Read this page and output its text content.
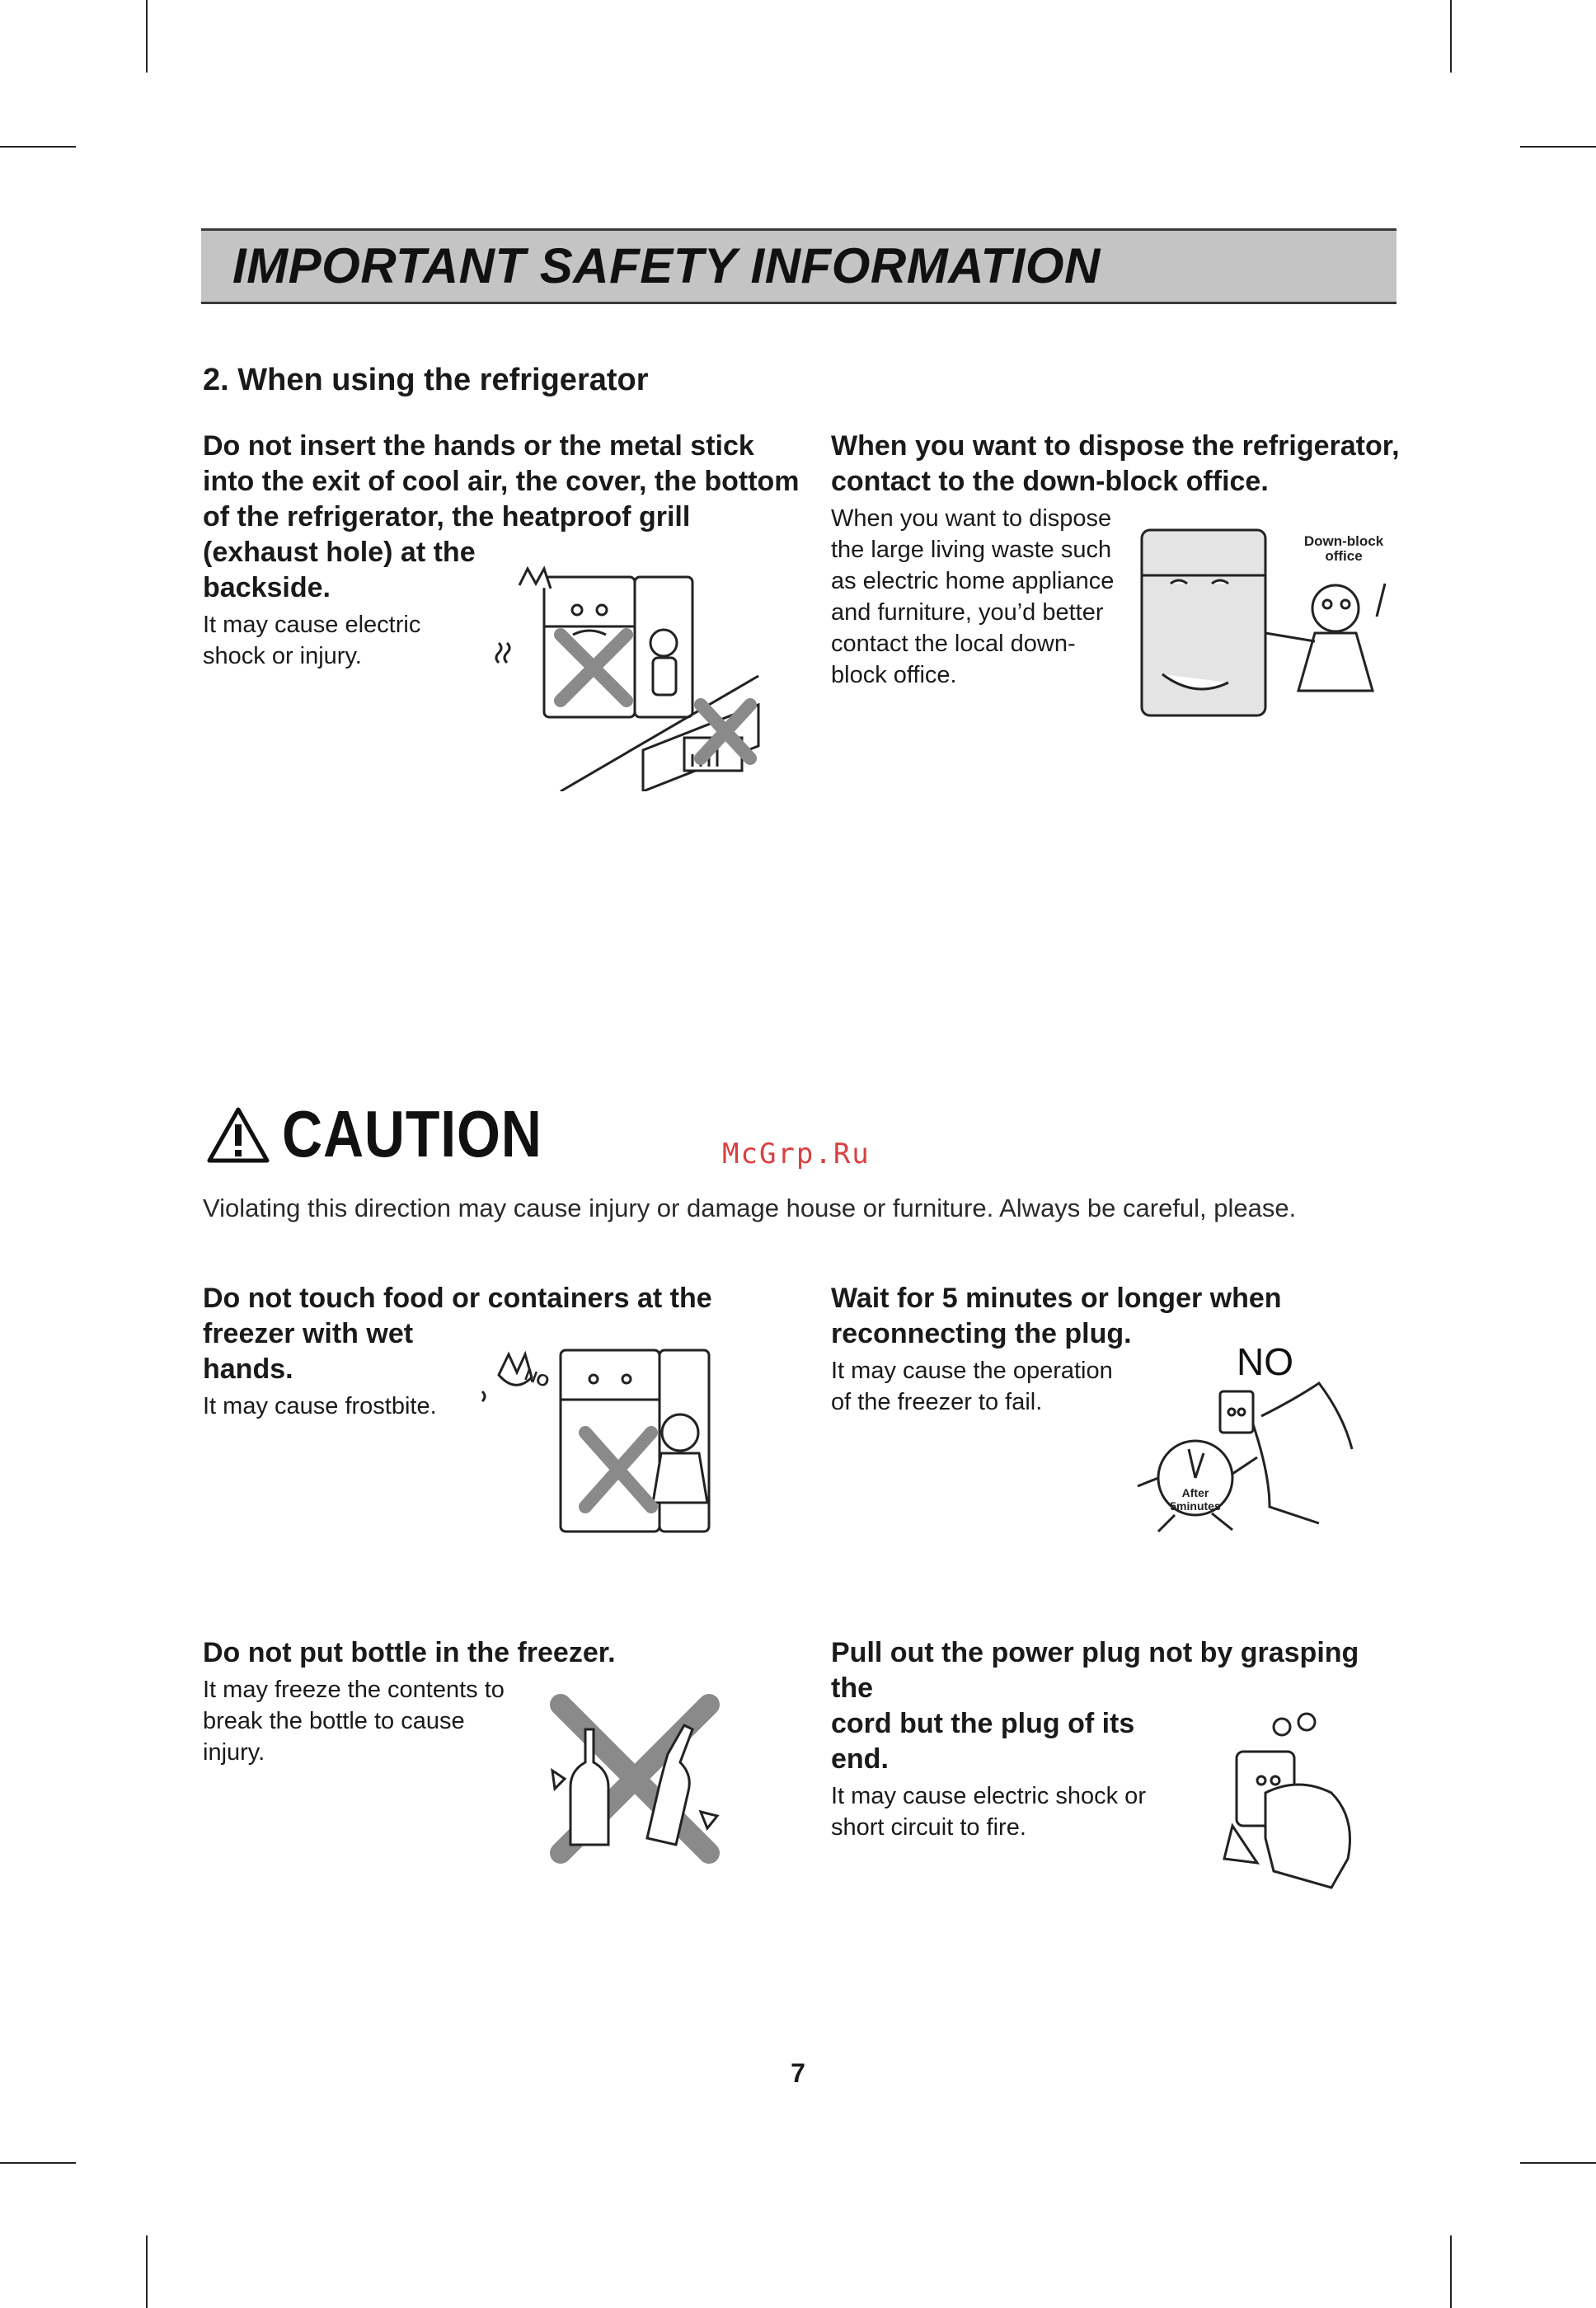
IMPORTANT SAFETY INFORMATION
2. When using the refrigerator
Do not insert the hands or the metal stick
into the exit of cool air, the cover, the bottom
of the refrigerator, the heatproof grill
(exhaust hole) at the
backside.

It may cause electric
shock or injury.

When you want to dispose the refrigerator,
contact to the down-block office.

When you want to dispose
the large living waste such
as electric home appliance
and furniture, you’d better
contact the local down-
block office.

Down-block
office
CAUTION	McGrp.Ru

Violating this direction may cause injury or damage house or furniture. Always be careful, please.

Do not touch food or containers at the
freezer with wet
hands.

It may cause frostbite.

NO
Wait for 5 minutes or longer when
reconnecting the plug.

It may cause the operation
of the freezer to fail.

NO
After
5minutes
Do not put bottle in the freezer.

It may freeze the contents to
break the bottle to cause
injury.

Pull out the power plug not by grasping the
cord but the plug of its
end.

It may cause electric shock or
short circuit to fire.

7
